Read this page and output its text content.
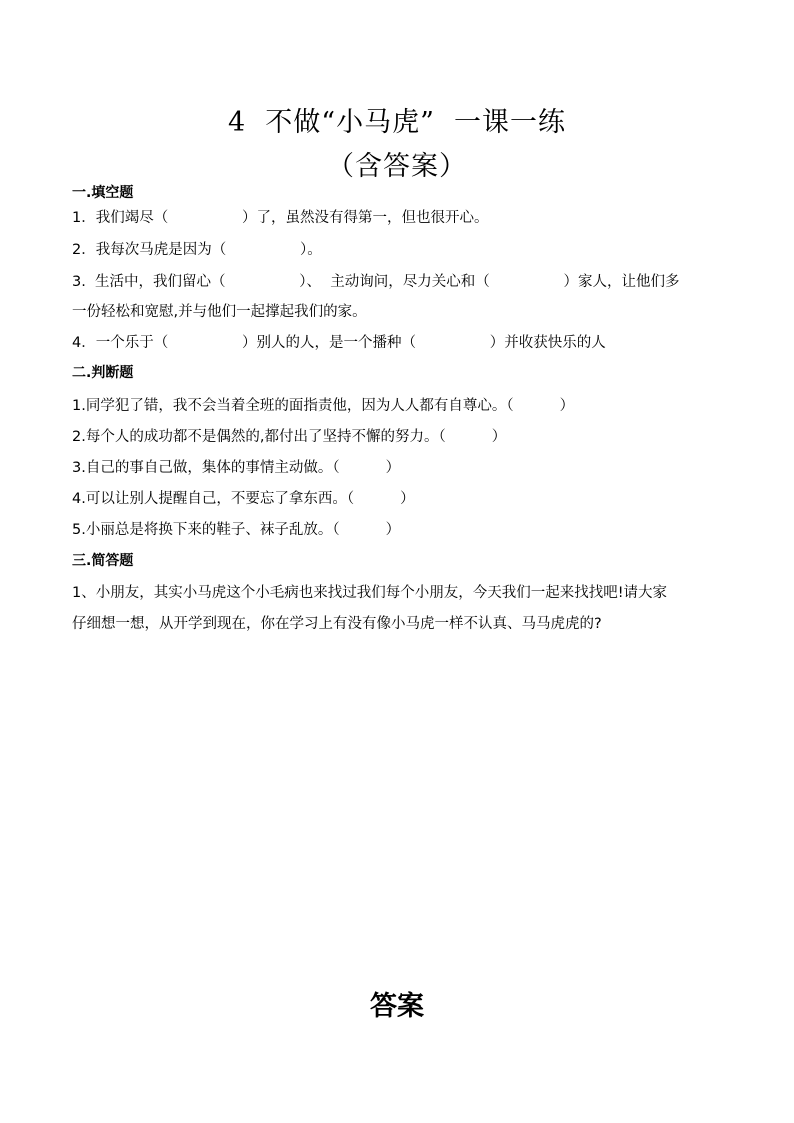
4  不做“小马虎”  一课一练
（含答案）
一.填空题
1．我们竭尽（                ）了，虽然没有得第一，但也很开心。
2．我每次马虎是因为（                ）。
3.  生活中，我们留心（                ）、  主动询问，尽力关心和（                ）家人，让他们多
一份轻松和宽慰,并与他们一起撑起我们的家。
4．一个乐于（                ）别人的人，是一个播种（                ）并收获快乐的人
二.判断题
1.同学犯了错，我不会当着全班的面指责他，因为人人都有自尊心。（          ）
2.每个人的成功都不是偶然的,都付出了坚持不懈的努力。（          ）
3.自己的事自己做，集体的事情主动做。（          ）
4.可以让别人提醒自己，不要忘了拿东西。（          ）
5.小丽总是将换下来的鞋子、袜子乱放。（          ）
三.简答题
1、小朋友，其实小马虎这个小毛病也来找过我们每个小朋友，今天我们一起来找找吧!请大家
仔细想一想，从开学到现在，你在学习上有没有像小马虎一样不认真、马马虎虎的?
答案
